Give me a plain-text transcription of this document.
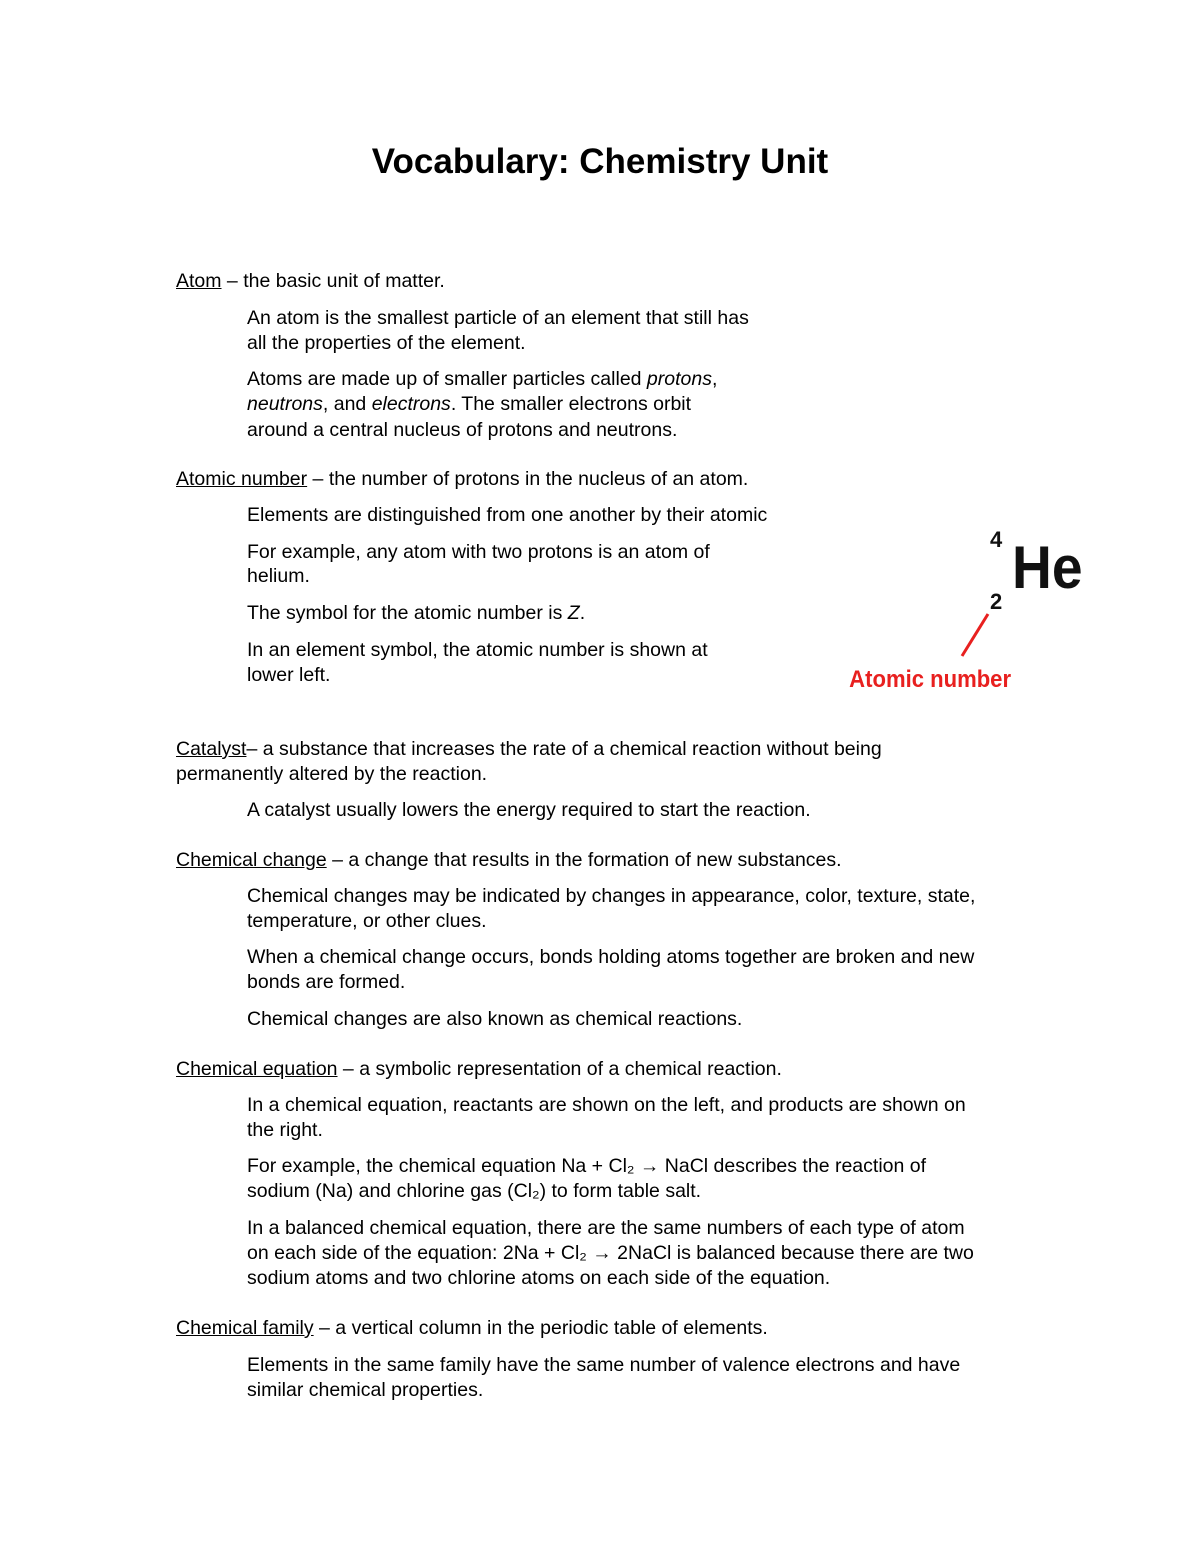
Vocabulary: Chemistry Unit

Atom – the basic unit of matter.

An atom is the smallest particle of an element that still has

all the properties of the element.

Atoms are made up of smaller particles called protons,

neutrons, and electrons. The smaller electrons orbit

around a central nucleus of protons and neutrons.

Atomic number – the number of protons in the nucleus of an atom.

Elements are distinguished from one another by their atomic

For example, any atom with two protons is an atom of

helium.

The symbol for the atomic number is Z.

In an element symbol, the atomic number is shown at

lower left.

Catalyst– a substance that increases the rate of a chemical reaction without being

permanently altered by the reaction.

A catalyst usually lowers the energy required to start the reaction.

Chemical change – a change that results in the formation of new substances.

Chemical changes may be indicated by changes in appearance, color, texture, state,

temperature, or other clues.

When a chemical change occurs, bonds holding atoms together are broken and new

bonds are formed.

Chemical changes are also known as chemical reactions.

Chemical equation – a symbolic representation of a chemical reaction.

In a chemical equation, reactants are shown on the left, and products are shown on

the right.

For example, the chemical equation Na + Cl₂ → NaCl describes the reaction of

sodium (Na) and chlorine gas (Cl₂) to form table salt.

In a balanced chemical equation, there are the same numbers of each type of atom

on each side of the equation: 2Na + Cl₂ → 2NaCl is balanced because there are two

sodium atoms and two chlorine atoms on each side of the equation.

Chemical family – a vertical column in the periodic table of elements.

Elements in the same family have the same number of valence electrons and have

similar chemical properties.

4 He
2
Atomic number
